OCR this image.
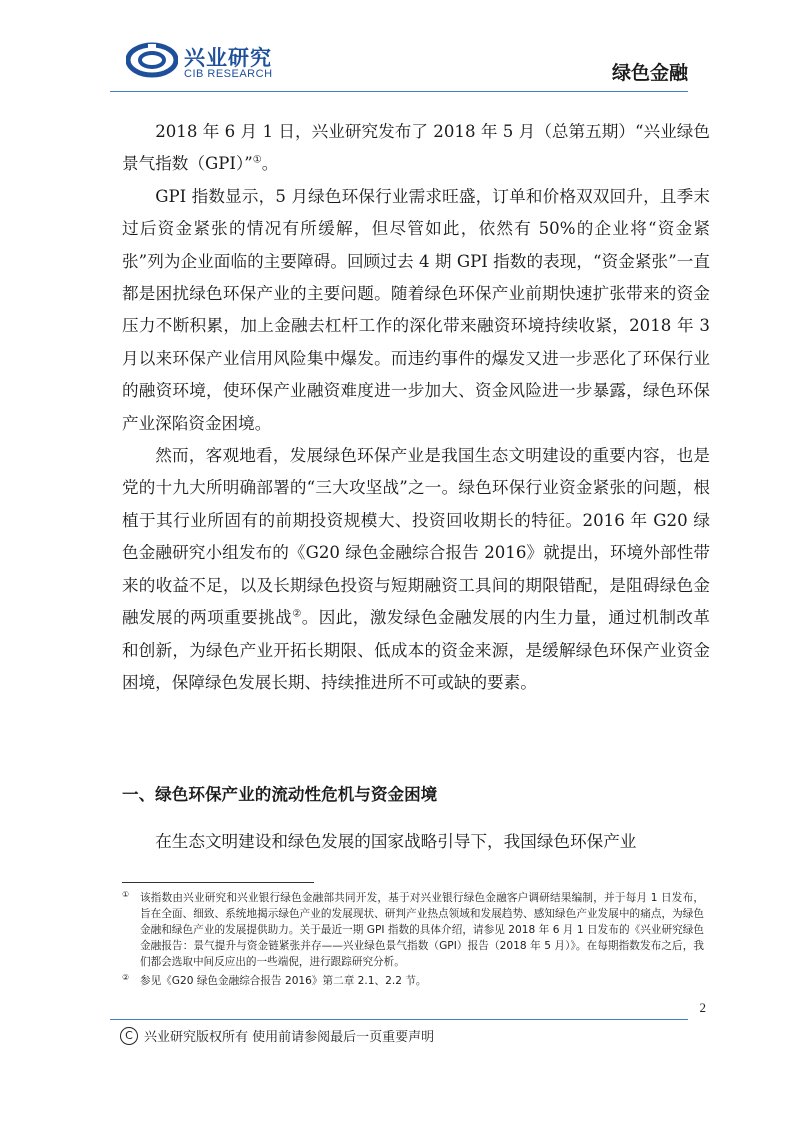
兴业研究
CIB RESEARCH	绿色金融

2018 年 6 月 1 日，兴业研究发布了 2018 年 5 月（总第五期）“兴业绿色景气指数（GPI）”①。

GPI 指数显示，5 月绿色环保行业需求旺盛，订单和价格双双回升，且季末过后资金紧张的情况有所缓解，但尽管如此，依然有 50%的企业将“资金紧张”列为企业面临的主要障碍。回顾过去 4 期 GPI 指数的表现，“资金紧张”一直都是困扰绿色环保产业的主要问题。随着绿色环保产业前期快速扩张带来的资金压力不断积累，加上金融去杠杆工作的深化带来融资环境持续收紧，2018 年 3 月以来环保产业信用风险集中爆发。而违约事件的爆发又进一步恶化了环保行业的融资环境，使环保产业融资难度进一步加大、资金风险进一步暴露，绿色环保产业深陷资金困境。

然而，客观地看，发展绿色环保产业是我国生态文明建设的重要内容，也是党的十九大所明确部署的“三大攻坚战”之一。绿色环保行业资金紧张的问题，根植于其行业所固有的前期投资规模大、投资回收期长的特征。2016 年 G20 绿色金融研究小组发布的《G20 绿色金融综合报告 2016》就提出，环境外部性带来的收益不足，以及长期绿色投资与短期融资工具间的期限错配，是阻碍绿色金融发展的两项重要挑战②。因此，激发绿色金融发展的内生力量，通过机制改革和创新，为绿色产业开拓长期限、低成本的资金来源，是缓解绿色环保产业资金困境，保障绿色发展长期、持续推进所不可或缺的要素。

一、绿色环保产业的流动性危机与资金困境

在生态文明建设和绿色发展的国家战略引导下，我国绿色环保产业

① 该指数由兴业研究和兴业银行绿色金融部共同开发，基于对兴业银行绿色金融客户调研结果编制，并于每月 1 日发布，旨在全面、细致、系统地揭示绿色产业的发展现状、研判产业热点领域和发展趋势、感知绿色产业发展中的痛点，为绿色金融和绿色产业的发展提供助力。关于最近一期 GPI 指数的具体介绍，请参见 2018 年 6 月 1 日发布的《兴业研究绿色金融报告：景气提升与资金链紧张并存——兴业绿色景气指数（GPI）报告（2018 年 5 月）》。在每期指数发布之后，我们都会选取中间反应出的一些端倪，进行跟踪研究分析。
② 参见《G20 绿色金融综合报告 2016》第二章 2.1、2.2 节。
2
C 兴业研究版权所有 使用前请参阅最后一页重要声明
